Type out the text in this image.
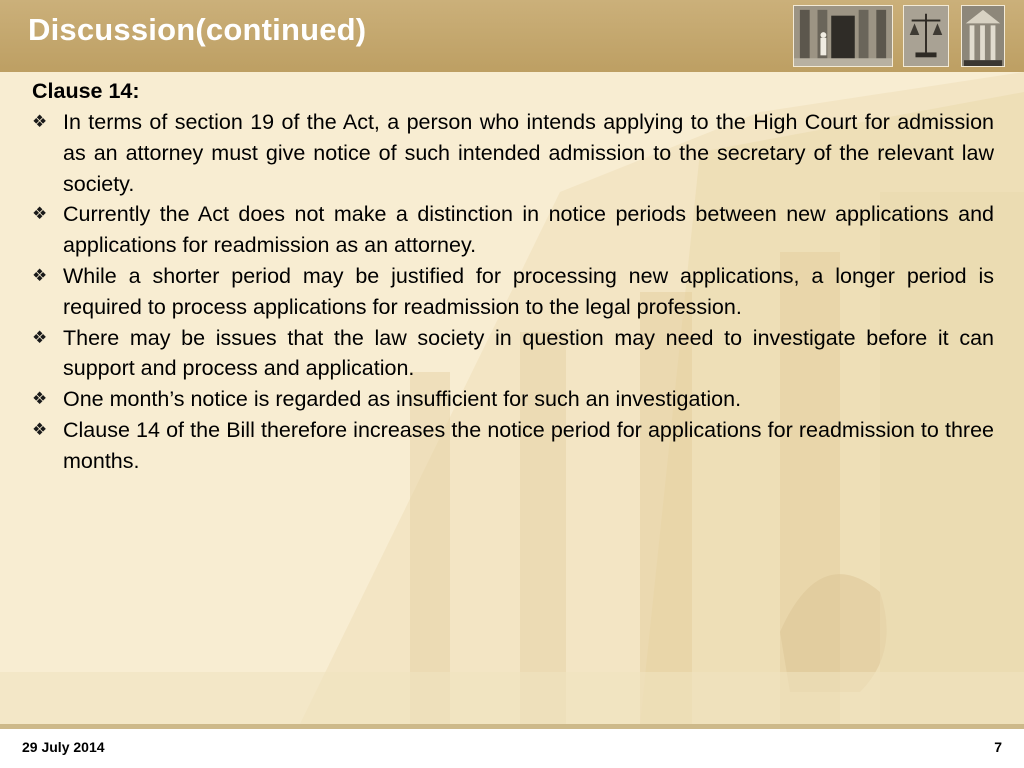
Discussion(continued)

Clause 14:

❖ In terms of section 19 of the Act, a person who intends applying to the High Court for admission as an attorney must give notice of such intended admission to the secretary of the relevant law society.
❖ Currently the Act does not make a distinction in notice periods between new applications and applications for readmission as an attorney.
❖ While a shorter period may be justified for processing new applications, a longer period is required to process applications for readmission to the legal profession.
❖ There may be issues that the law society in question may need to investigate before it can support and process and application.
❖ One month’s notice is regarded as insufficient for such an investigation.
❖ Clause 14 of the Bill therefore increases the notice period for applications for readmission to three months.
29 July 2014	7
